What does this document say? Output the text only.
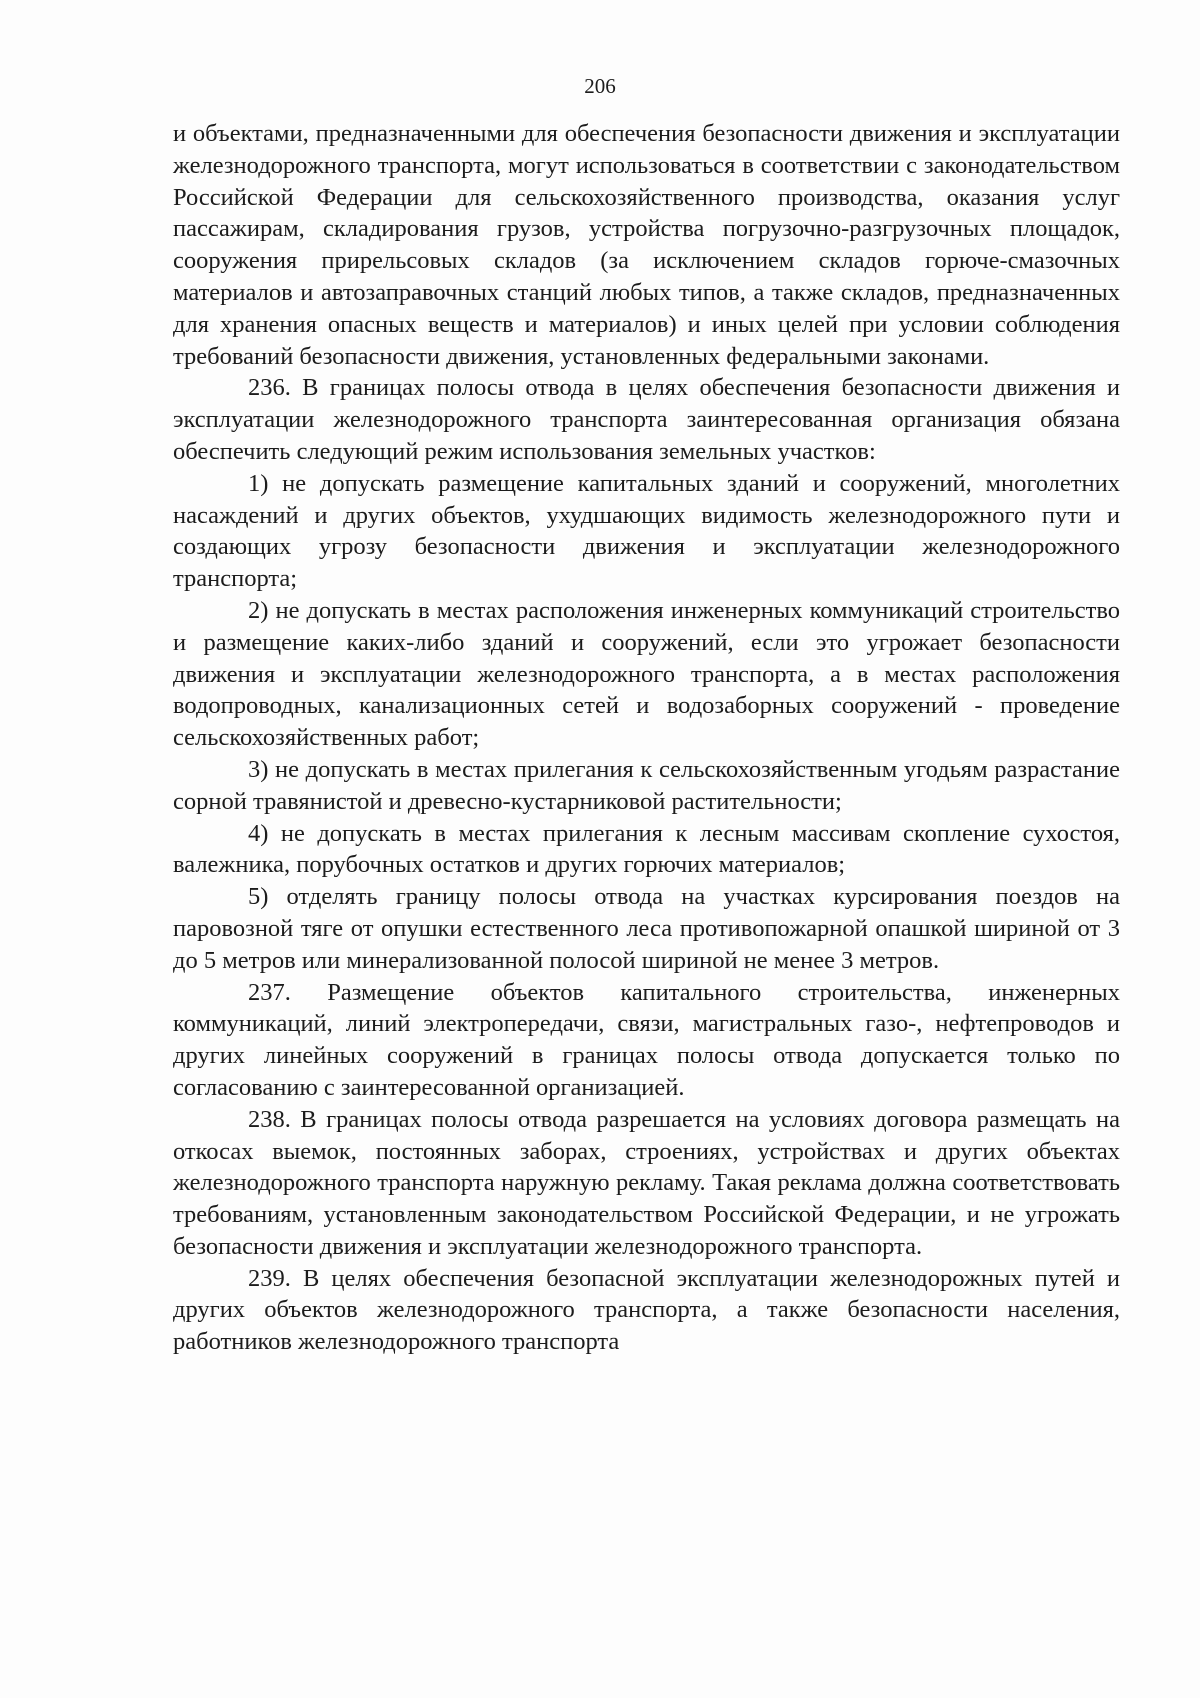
206

и объектами, предназначенными для обеспечения безопасности движения и эксплуатации железнодорожного транспорта, могут использоваться в соответствии с законодательством Российской Федерации для сельскохозяйственного производства, оказания услуг пассажирам, складирования грузов, устройства погрузочно-разгрузочных площадок, сооружения прирельсовых складов (за исключением складов горюче-смазочных материалов и автозаправочных станций любых типов, а также складов, предназначенных для хранения опасных веществ и материалов) и иных целей при условии соблюдения требований безопасности движения, установленных федеральными законами.

236. В границах полосы отвода в целях обеспечения безопасности движения и эксплуатации железнодорожного транспорта заинтересованная организация обязана обеспечить следующий режим использования земельных участков:

1) не допускать размещение капитальных зданий и сооружений, многолетних насаждений и других объектов, ухудшающих видимость железнодорожного пути и создающих угрозу безопасности движения и эксплуатации железнодорожного транспорта;

2) не допускать в местах расположения инженерных коммуникаций строительство и размещение каких-либо зданий и сооружений, если это угрожает безопасности движения и эксплуатации железнодорожного транспорта, а в местах расположения водопроводных, канализационных сетей и водозаборных сооружений - проведение сельскохозяйственных работ;

3) не допускать в местах прилегания к сельскохозяйственным угодьям разрастание сорной травянистой и древесно-кустарниковой растительности;

4) не допускать в местах прилегания к лесным массивам скопление сухостоя, валежника, порубочных остатков и других горючих материалов;

5) отделять границу полосы отвода на участках курсирования поездов на паровозной тяге от опушки естественного леса противопожарной опашкой шириной от 3 до 5 метров или минерализованной полосой шириной не менее 3 метров.

237. Размещение объектов капитального строительства, инженерных коммуникаций, линий электропередачи, связи, магистральных газо-, нефтепроводов и других линейных сооружений в границах полосы отвода допускается только по согласованию с заинтересованной организацией.

238. В границах полосы отвода разрешается на условиях договора размещать на откосах выемок, постоянных заборах, строениях, устройствах и других объектах железнодорожного транспорта наружную рекламу. Такая реклама должна соответствовать требованиям, установленным законодательством Российской Федерации, и не угрожать безопасности движения и эксплуатации железнодорожного транспорта.

239. В целях обеспечения безопасной эксплуатации железнодорожных путей и других объектов железнодорожного транспорта, а также безопасности населения, работников железнодорожного транспорта
